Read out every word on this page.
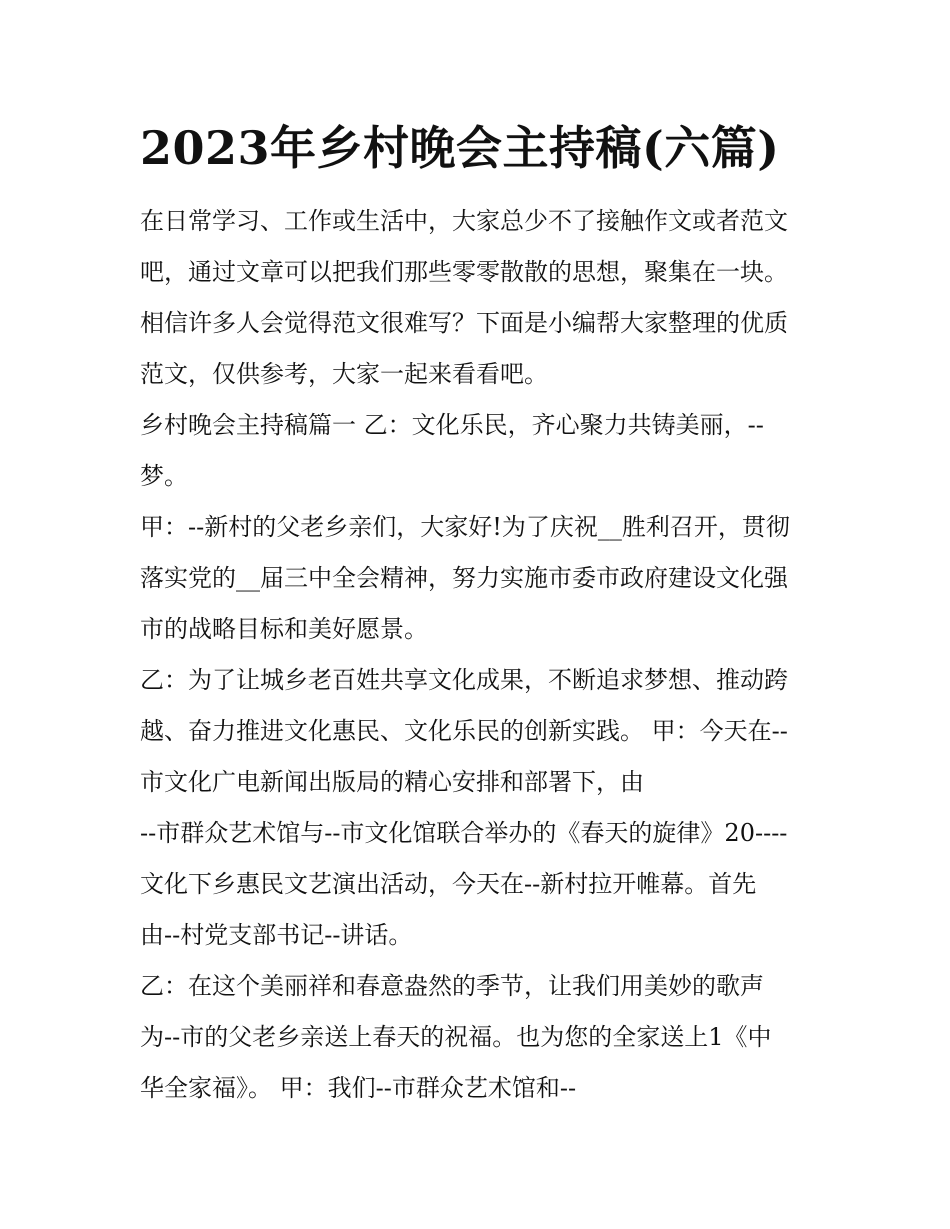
2023年乡村晚会主持稿(六篇)
在日常学习、工作或生活中，大家总少不了接触作文或者范文
吧，通过文章可以把我们那些零零散散的思想，聚集在一块。
相信许多人会觉得范文很难写？下面是小编帮大家整理的优质
范文，仅供参考，大家一起来看看吧。
乡村晚会主持稿篇一 乙：文化乐民，齐心聚力共铸美丽，--
梦。
甲：--新村的父老乡亲们，大家好!为了庆祝__胜利召开，贯彻
落实党的__届三中全会精神，努力实施市委市政府建设文化强
市的战略目标和美好愿景。
乙：为了让城乡老百姓共享文化成果，不断追求梦想、推动跨
越、奋力推进文化惠民、文化乐民的创新实践。 甲：今天在--
市文化广电新闻出版局的精心安排和部署下，由
--市群众艺术馆与--市文化馆联合举办的《春天的旋律》20----
文化下乡惠民文艺演出活动，今天在--新村拉开帷幕。首先
由--村党支部书记--讲话。
乙：在这个美丽祥和春意盎然的季节，让我们用美妙的歌声
为--市的父老乡亲送上春天的祝福。也为您的全家送上1《中
华全家福》。 甲：我们--市群众艺术馆和--
